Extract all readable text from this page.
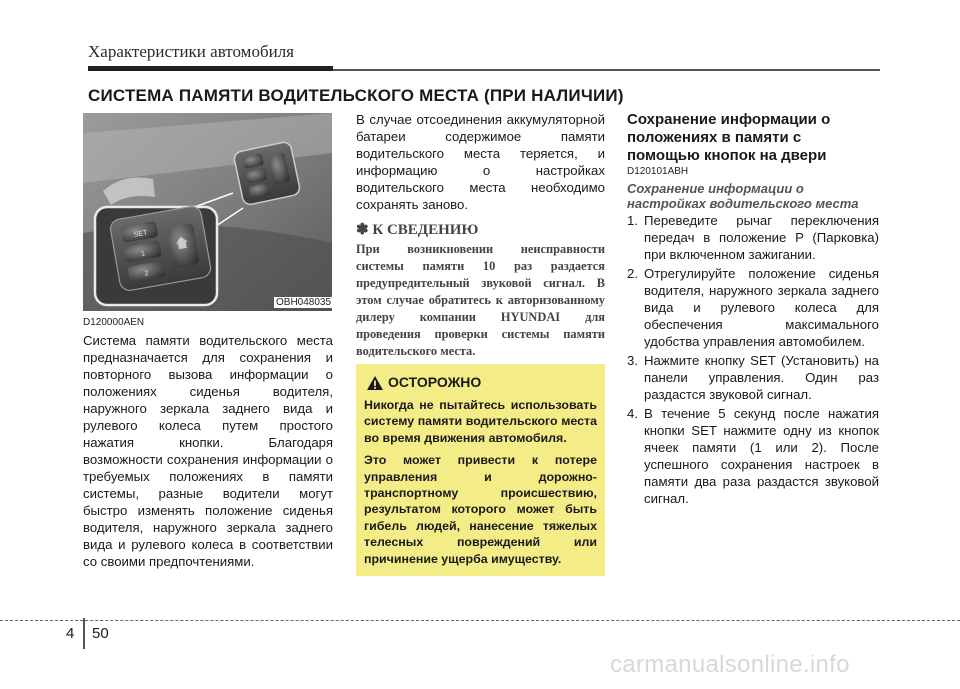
Характеристики автомобиля
СИСТЕМА ПАМЯТИ ВОДИТЕЛЬСКОГО МЕСТА (ПРИ НАЛИЧИИ)
SET
1
2
OBH048035
D120000AEN
Система памяти водительского места предназначается для сохранения и повторного вызова информации о положениях сиденья водителя, наружного зеркала заднего вида и рулевого колеса путем простого нажатия кнопки. Благодаря возможности сохранения информации о требуемых положениях в памяти системы, разные водители могут быстро изменять положение сиденья водителя, наружного зеркала заднего вида и рулевого колеса в соответствии со своими предпочтениями.
В случае отсоединения аккумуляторной батареи содержимое памяти водительского места теряется, и информацию о настройках водительского места необходимо сохранять заново.
✽ К СВЕДЕНИЮ
При возникновении неисправности системы памяти 10 раз раздается предупредительный звуковой сигнал. В этом случае обратитесь к авторизованному дилеру компании HYUNDAI для проведения проверки системы памяти водительского места.
ОСТОРОЖНО

Никогда не пытайтесь использовать систему памяти водительского места во время движения автомобиля.

Это может привести к потере управления и дорожно-транспортному происшествию, результатом которого может быть гибель людей, нанесение тяжелых телесных повреждений или причинение ущерба имуществу.

Сохранение информации о положениях в памяти с помощью кнопок на двери
D120101ABH
Сохранение информации о настройках водительского места
1. Переведите рычаг переключения передач в положение P (Парковка) при включенном зажигании.
2. Отрегулируйте положение сиденья водителя, наружного зеркала заднего вида и рулевого колеса для обеспечения максимального удобства управления автомобилем.
3. Нажмите кнопку SET (Установить) на панели управления. Один раз раздастся звуковой сигнал.
4. В течение 5 секунд после нажатия кнопки SET нажмите одну из кнопок ячеек памяти (1 или 2). После успешного сохранения настроек в памяти два раза раздастся звуковой сигнал.
4 50
carmanualsonline.info
